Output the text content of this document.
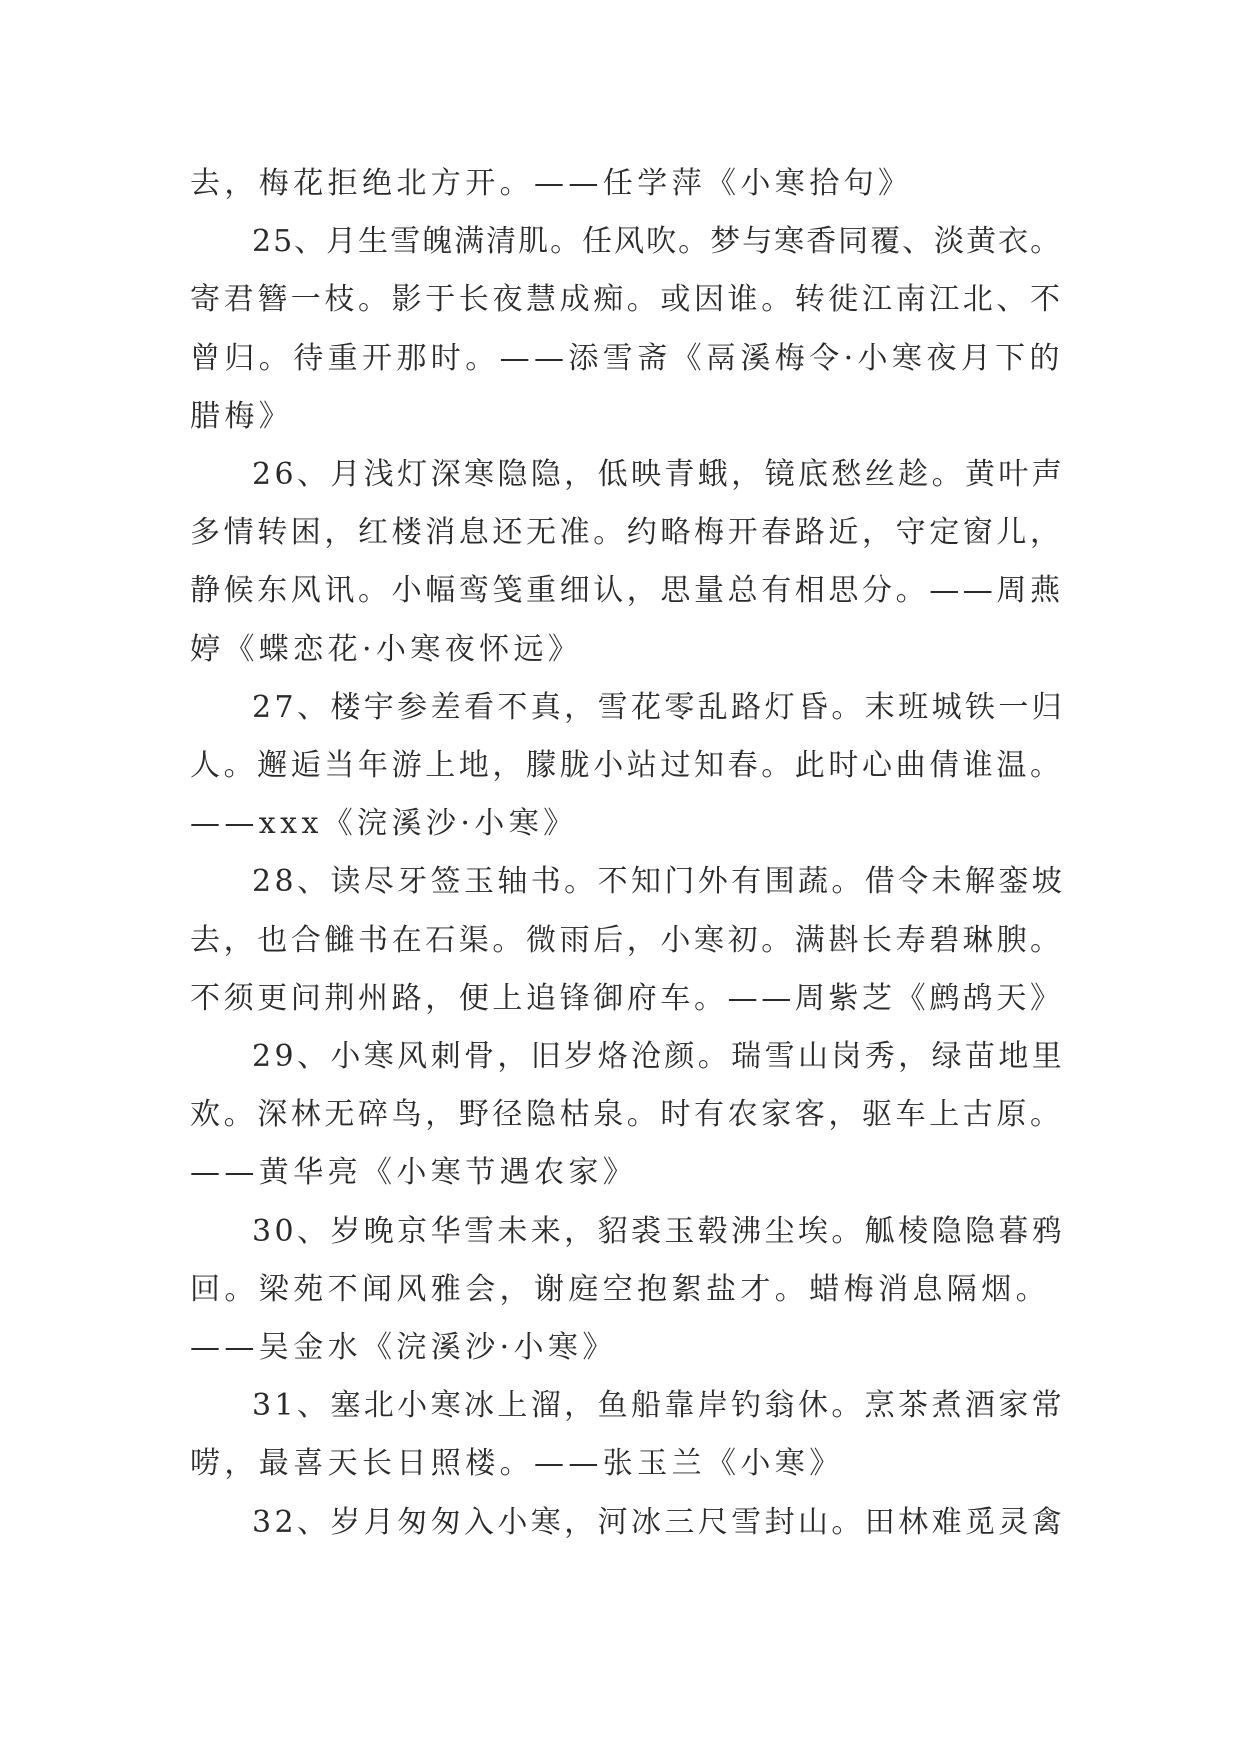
去，梅花拒绝北方开。——任学萍《小寒拾句》
25、月生雪魄满清肌。任风吹。梦与寒香同覆、淡黄衣。
寄君簪一枝。影于长夜慧成痴。或因谁。转徙江南江北、不
曾归。待重开那时。——添雪斋《鬲溪梅令·小寒夜月下的
腊梅》
26、月浅灯深寒隐隐，低映青蛾，镜底愁丝趁。黄叶声
多情转困，红楼消息还无准。约略梅开春路近，守定窗儿，
静候东风讯。小幅鸾笺重细认，思量总有相思分。——周燕
婷《蝶恋花·小寒夜怀远》
27、楼宇参差看不真，雪花零乱路灯昏。末班城铁一归
人。邂逅当年游上地，朦胧小站过知春。此时心曲倩谁温。
——xxx《浣溪沙·小寒》
28、读尽牙签玉轴书。不知门外有围蔬。借令未解銮坡
去，也合雠书在石渠。微雨后，小寒初。满斟长寿碧琳腴。
不须更问荆州路，便上追锋御府车。——周紫芝《鹧鸪天》
29、小寒风刺骨，旧岁烙沧颜。瑞雪山岗秀，绿苗地里
欢。深林无碎鸟，野径隐枯泉。时有农家客，驱车上古原。
——黄华亮《小寒节遇农家》
30、岁晚京华雪未来，貂裘玉毂沸尘埃。觚棱隐隐暮鸦
回。梁苑不闻风雅会，谢庭空抱絮盐才。蜡梅消息隔烟。
——吴金水《浣溪沙·小寒》
31、塞北小寒冰上溜，鱼船靠岸钓翁休。烹茶煮酒家常
唠，最喜天长日照楼。——张玉兰《小寒》
32、岁月匆匆入小寒，河冰三尺雪封山。田林难觅灵禽
